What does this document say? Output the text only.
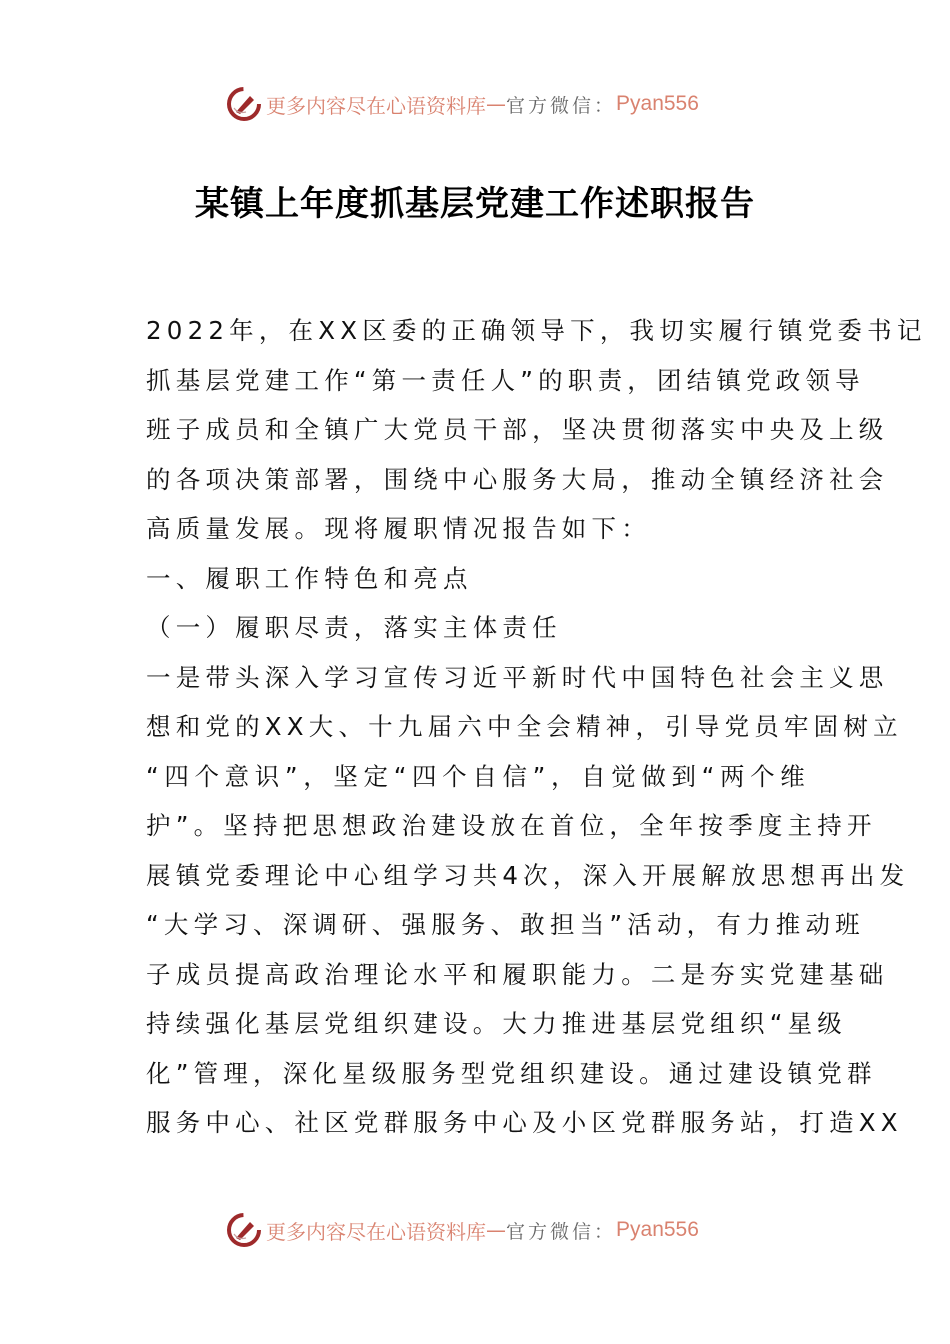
更多内容尽在心语资料库 — 官方微信： Pyan556
某镇上年度抓基层党建工作述职报告
2022年，在XX区委的正确领导下，我切实履行镇党委书记
抓基层党建工作“第一责任人”的职责，团结镇党政领导
班子成员和全镇广大党员干部，坚决贯彻落实中央及上级
的各项决策部署，围绕中心服务大局，推动全镇经济社会
高质量发展。现将履职情况报告如下：
一、履职工作特色和亮点
（一）履职尽责，落实主体责任
一是带头深入学习宣传习近平新时代中国特色社会主义思
想和党的XX大、十九届六中全会精神，引导党员牢固树立
“四个意识”，坚定“四个自信”，自觉做到“两个维
护”。坚持把思想政治建设放在首位，全年按季度主持开
展镇党委理论中心组学习共4次，深入开展解放思想再出发
“大学习、深调研、强服务、敢担当”活动，有力推动班
子成员提高政治理论水平和履职能力。二是夯实党建基础
持续强化基层党组织建设。大力推进基层党组织“星级
化”管理，深化星级服务型党组织建设。通过建设镇党群
服务中心、社区党群服务中心及小区党群服务站，打造XX
更多内容尽在心语资料库 — 官方微信： Pyan556
